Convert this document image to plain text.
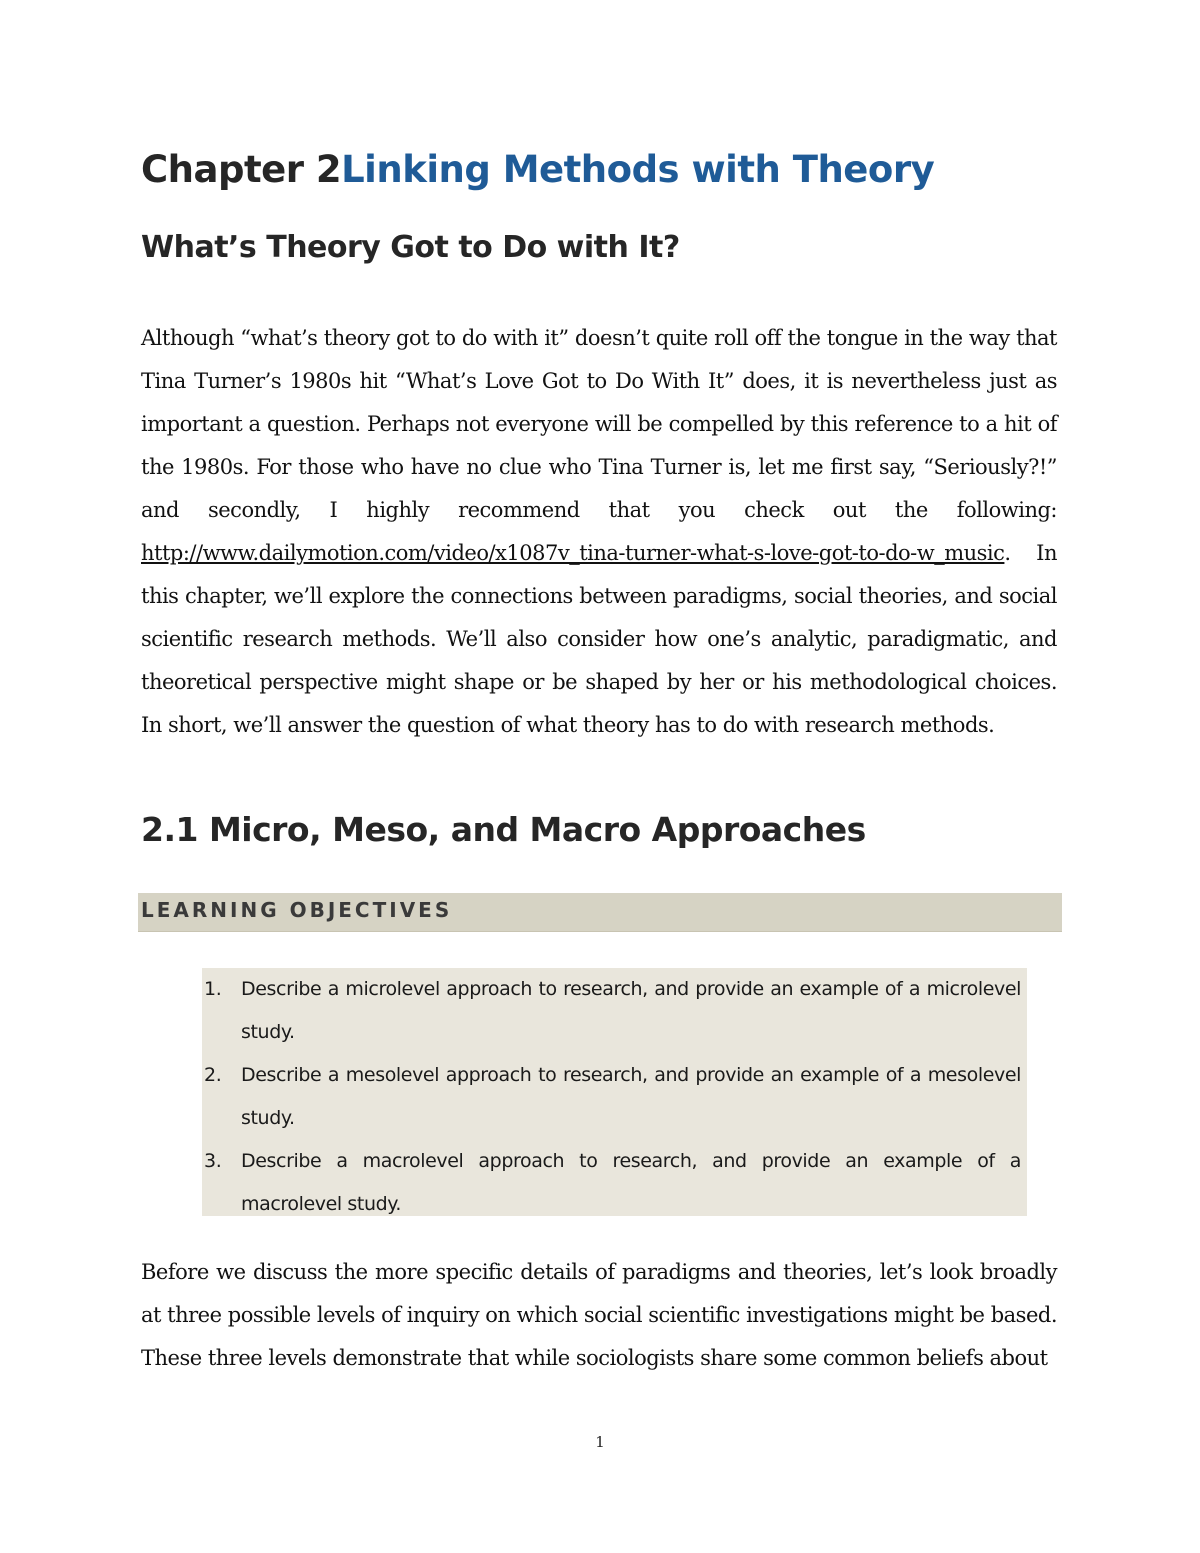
Chapter 2Linking Methods with Theory
What’s Theory Got to Do with It?

Although “what’s theory got to do with it” doesn’t quite roll off the tongue in the way that Tina Turner’s 1980s hit “What’s Love Got to Do With It” does, it is nevertheless just as important a question. Perhaps not everyone will be compelled by this reference to a hit of the 1980s. For those who have no clue who Tina Turner is, let me first say, “Seriously?!” and secondly, I highly recommend that you check out the following: http://www.dailymotion.com/video/x1087v_tina-turner-what-s-love-got-to-do-w_music. In this chapter, we’ll explore the connections between paradigms, social theories, and social scientific research methods. We’ll also consider how one’s analytic, paradigmatic, and theoretical perspective might shape or be shaped by her or his methodological choices. In short, we’ll answer the question of what theory has to do with research methods.

2.1 Micro, Meso, and Macro Approaches
LEARNING OBJECTIVES
1. Describe a microlevel approach to research, and provide an example of a microlevel study.
2. Describe a mesolevel approach to research, and provide an example of a mesolevel study.
3. Describe a macrolevel approach to research, and provide an example of a macrolevel study.

Before we discuss the more specific details of paradigms and theories, let’s look broadly at three possible levels of inquiry on which social scientific investigations might be based. These three levels demonstrate that while sociologists share some common beliefs about

1
